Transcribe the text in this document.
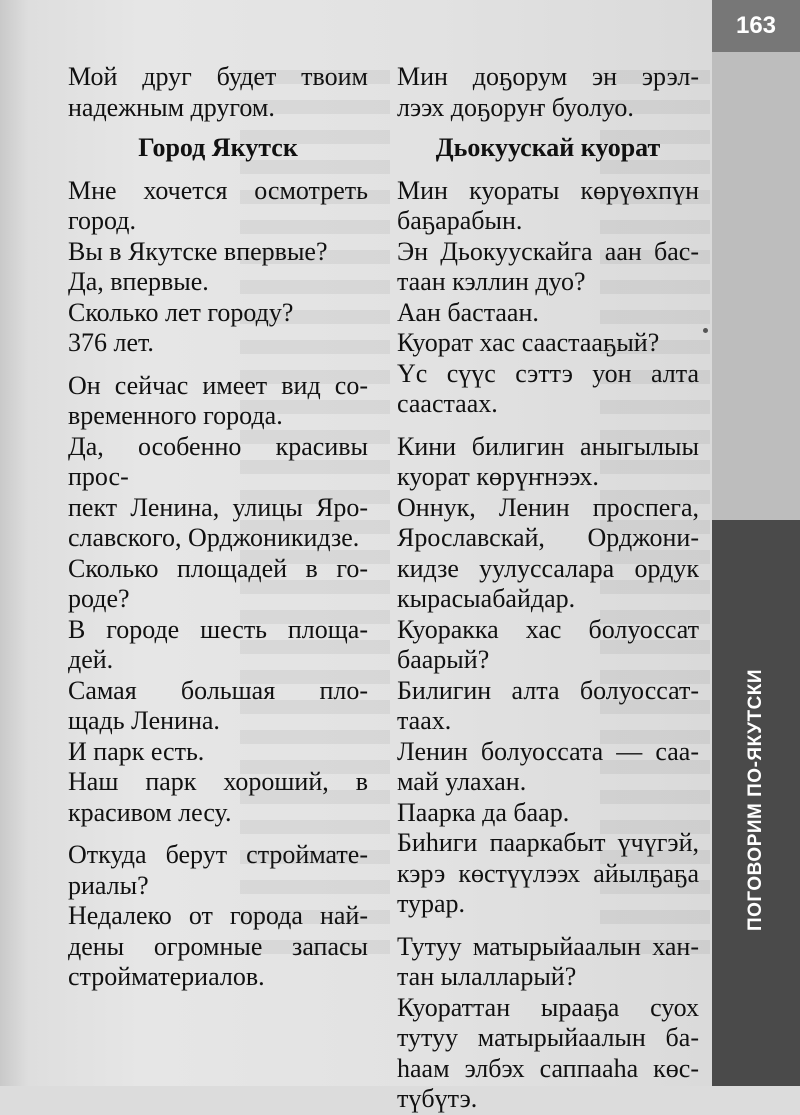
Мой друг будет твоим
надежным другом.
Город Якутск
Мне хочется осмотреть
город.
Вы в Якутске впервые?
Да, впервые.
Сколько лет городу?
376 лет.
Он сейчас имеет вид со-
временного города.
Да, особенно красивы прос-
пект Ленина, улицы Яро-
славского, Орджоникидзе.
Сколько площадей в го-
роде?
В городе шесть площа-
дей.
Самая большая пло-
щадь Ленина.
И парк есть.
Наш парк хороший, в
красивом лесу.
Откуда берут строймате-
риалы?
Недалеко от города най-
дены огромные запасы
стройматериалов.
Мин доҕорум эн эрэл-
лээх доҕоруҥ буолуо.
Дьокуускай куорат
Мин куораты көрүөхпүн
баҕарабын.
Эн Дьокуускайга аан бас-
таан кэллин дуо?
Аан бастаан.
Куорат хас саастааҕый?
Үс сүүс сэттэ уон алта
саастаах.
Кини билигин аныгылыы
куорат көрүҥнээх.
Оннук, Ленин проспега,
Ярославскай, Орджони-
кидзе уулуссалара ордук
кырасыабайдар.
Куоракка хас болуоссат
баарый?
Билигин алта болуоссат-
таах.
Ленин болуоссата — саа-
май улахан.
Паарка да баар.
Биһиги пааркабыт үчүгэй,
кэрэ көстүүлээх айылҕаҕа
турар.
Тутуу матырыйаалын хан-
тан ылалларый?
Куораттан ырааҕа суох
тутуу матырыйаалын ба-
һаам элбэх саппааһа көс-
түбүтэ.
163
ПОГОВОРИМ ПО-ЯКУТСКИ
